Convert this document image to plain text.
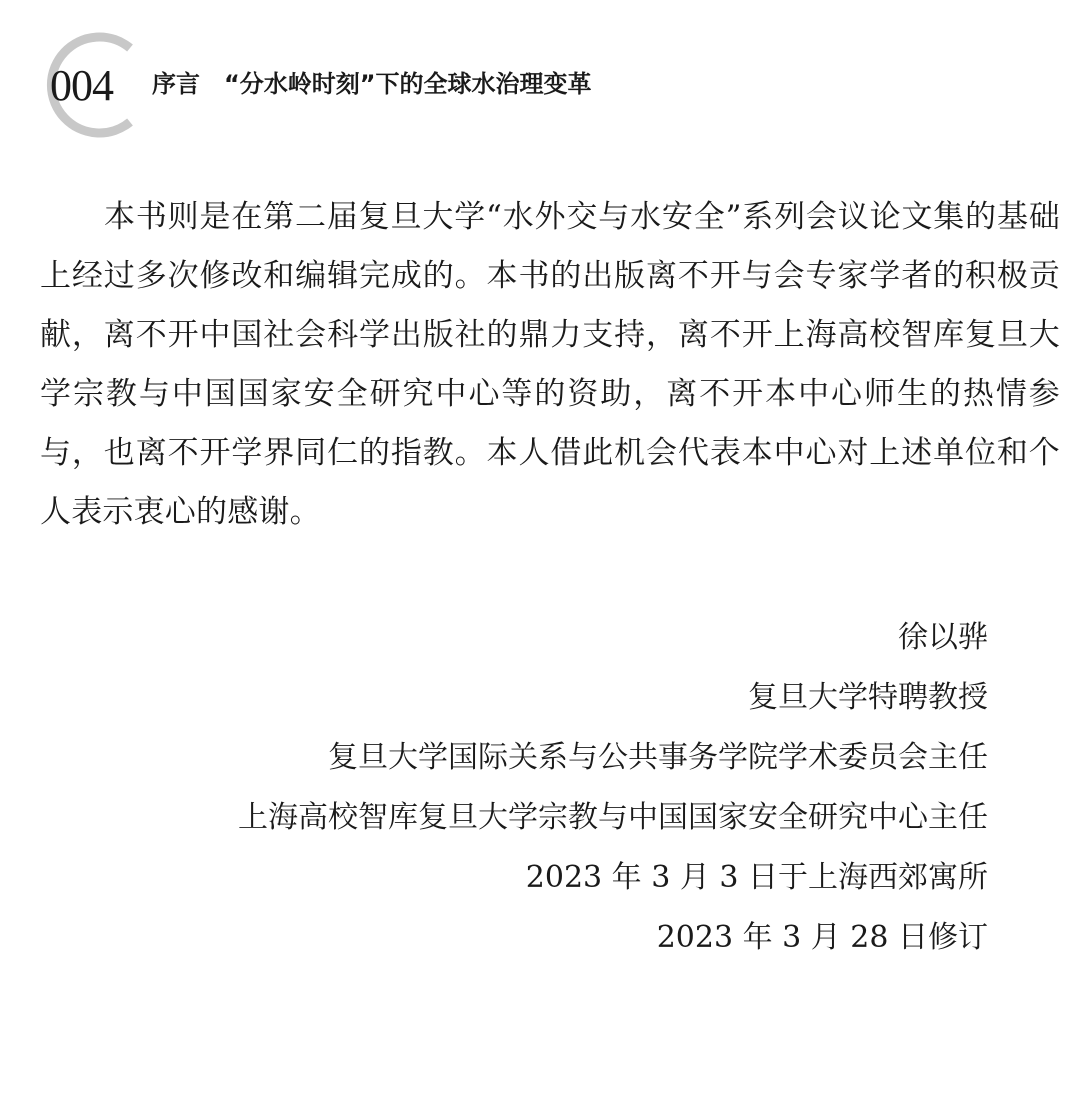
004 序言　“分水岭时刻”下的全球水治理变革

本书则是在第二届复旦大学“水外交与水安全”系列会议论文集的基础上经过多次修改和编辑完成的。本书的出版离不开与会专家学者的积极贡献，离不开中国社会科学出版社的鼎力支持，离不开上海高校智库复旦大学宗教与中国国家安全研究中心等的资助，离不开本中心师生的热情参与，也离不开学界同仁的指教。本人借此机会代表本中心对上述单位和个人表示衷心的感谢。

徐以骅
复旦大学特聘教授
复旦大学国际关系与公共事务学院学术委员会主任
上海高校智库复旦大学宗教与中国国家安全研究中心主任
2023 年 3 月 3 日于上海西郊寓所
2023 年 3 月 28 日修订
